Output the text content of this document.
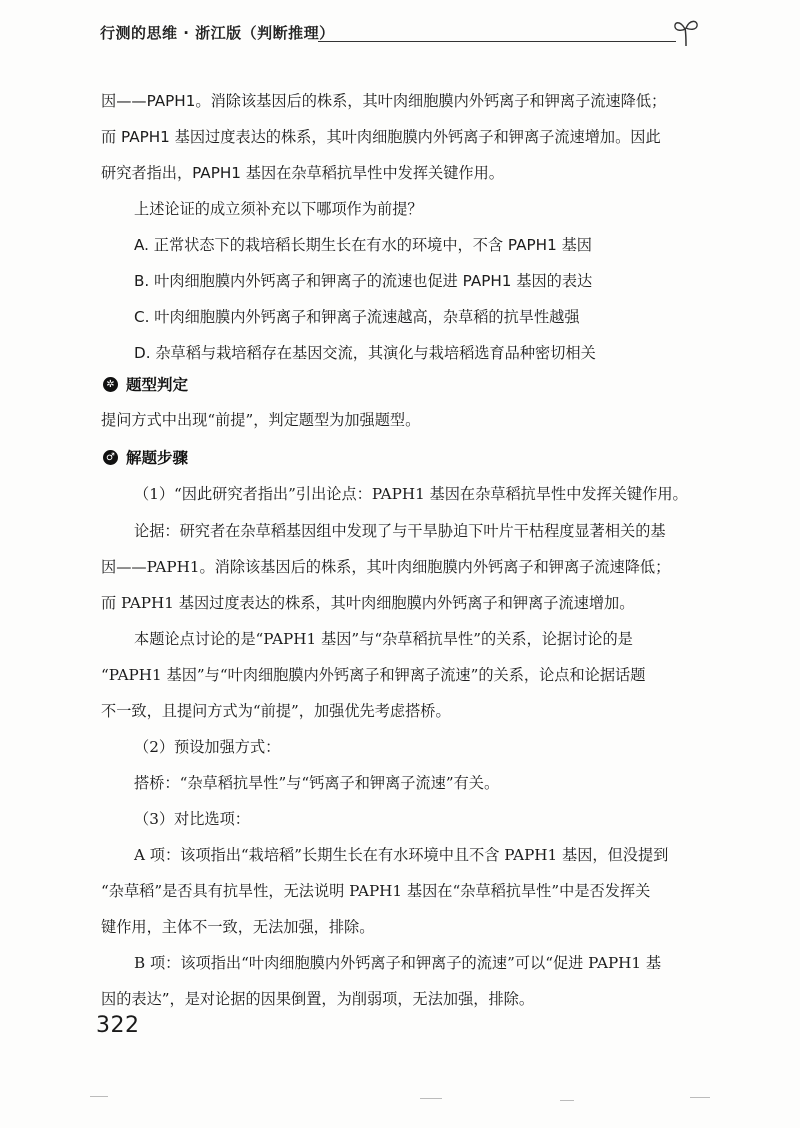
行测的思维 · 浙江版（判断推理）
因——PAPH1。消除该基因后的株系，其叶肉细胞膜内外钙离子和钾离子流速降低；
而 PAPH1 基因过度表达的株系，其叶肉细胞膜内外钙离子和钾离子流速增加。因此
研究者指出，PAPH1 基因在杂草稻抗旱性中发挥关键作用。
上述论证的成立须补充以下哪项作为前提？
A. 正常状态下的栽培稻长期生长在有水的环境中，不含 PAPH1 基因
B. 叶肉细胞膜内外钙离子和钾离子的流速也促进 PAPH1 基因的表达
C. 叶肉细胞膜内外钙离子和钾离子流速越高，杂草稻的抗旱性越强
D. 杂草稻与栽培稻存在基因交流，其演化与栽培稻选育品种密切相关
✲ 题型判定
提问方式中出现“前提”，判定题型为加强题型。
♂ 解题步骤
（1）“因此研究者指出”引出论点：PAPH1 基因在杂草稻抗旱性中发挥关键作用。
论据：研究者在杂草稻基因组中发现了与干旱胁迫下叶片干枯程度显著相关的基
因——PAPH1。消除该基因后的株系，其叶肉细胞膜内外钙离子和钾离子流速降低；
而 PAPH1 基因过度表达的株系，其叶肉细胞膜内外钙离子和钾离子流速增加。
本题论点讨论的是“PAPH1 基因”与“杂草稻抗旱性”的关系，论据讨论的是
“PAPH1 基因”与“叶肉细胞膜内外钙离子和钾离子流速”的关系，论点和论据话题
不一致，且提问方式为“前提”，加强优先考虑搭桥。
（2）预设加强方式：
搭桥：“杂草稻抗旱性”与“钙离子和钾离子流速”有关。
（3）对比选项：
A 项：该项指出“栽培稻”长期生长在有水环境中且不含 PAPH1 基因，但没提到
“杂草稻”是否具有抗旱性，无法说明 PAPH1 基因在“杂草稻抗旱性”中是否发挥关
键作用，主体不一致，无法加强，排除。
B 项：该项指出“叶肉细胞膜内外钙离子和钾离子的流速”可以“促进 PAPH1 基
因的表达”，是对论据的因果倒置，为削弱项，无法加强，排除。
322
